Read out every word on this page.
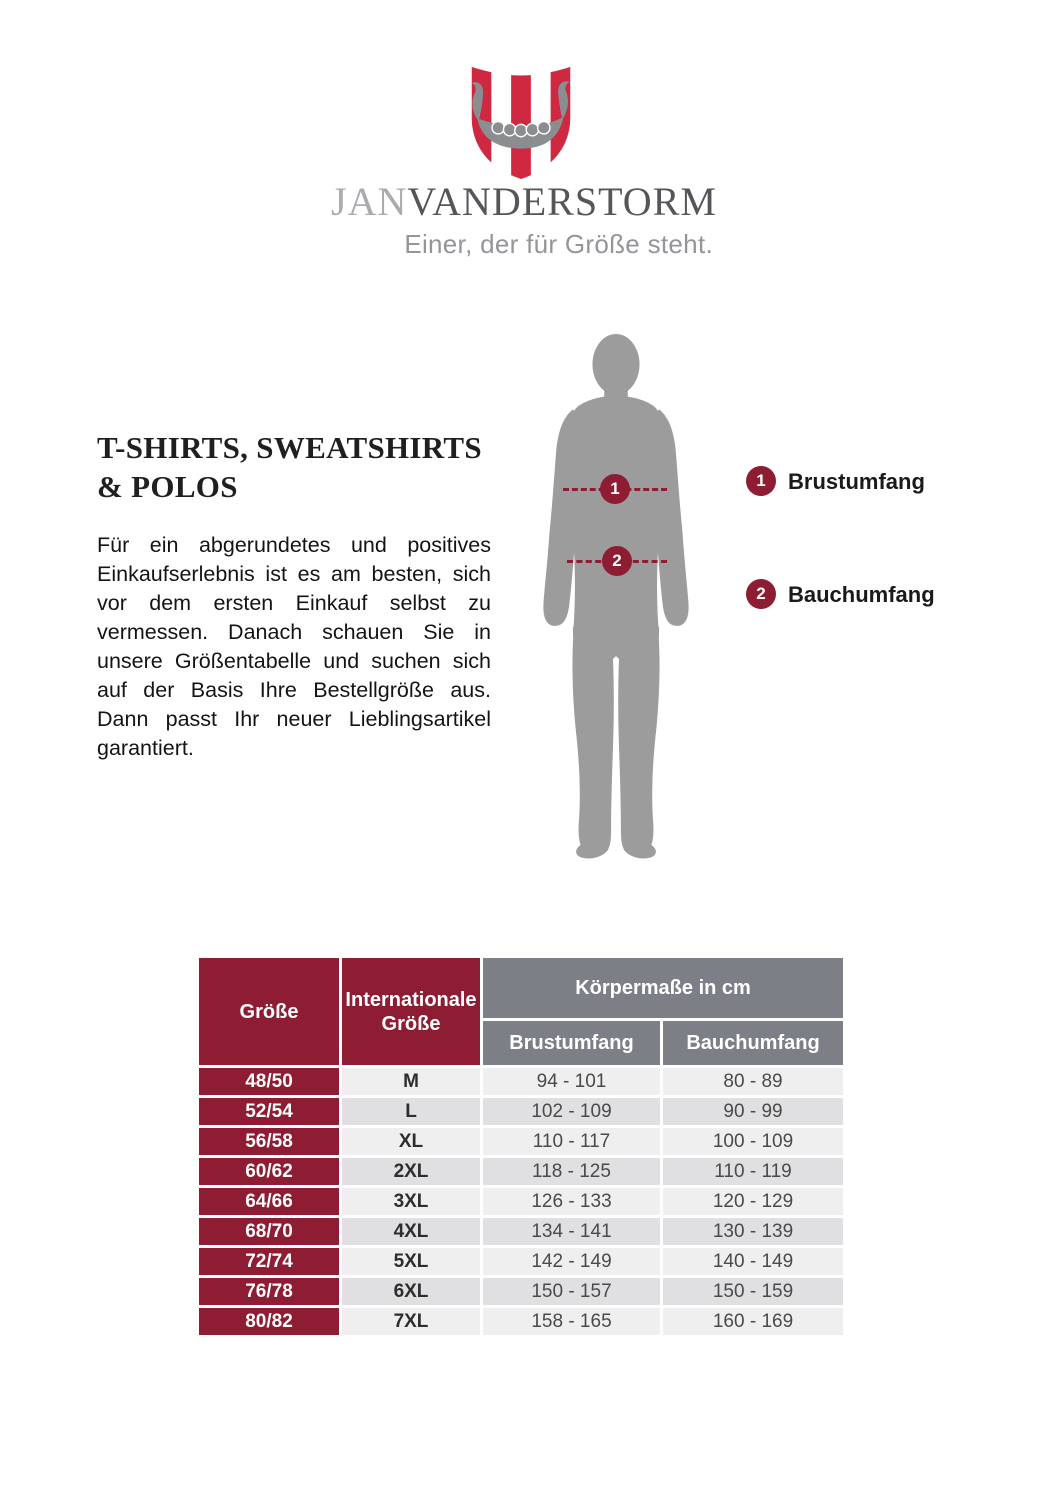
JANVANDERSTORM
Einer, der für Größe steht.
T-SHIRTS, SWEATSHIRTS
& POLOS

Für ein abgerundetes und positives Einkaufserlebnis ist es am besten, sich vor dem ersten Einkauf selbst zu vermessen. Danach schauen Sie in unsere Größentabelle und suchen sich auf der Basis Ihre Bestellgröße aus. Dann passt Ihr neuer Lieblingsartikel garantiert.

1
2
1	Brustumfang
2	Bauchumfang
Größe	Internationale Größe	Körpermaße in cm	
		Brustumfang	Bauchumfang
48/50	M	94 - 101	80 - 89
52/54	L	102 - 109	90 - 99
56/58	XL	110 - 117	100 - 109
60/62	2XL	118 - 125	110 - 119
64/66	3XL	126 - 133	120 - 129
68/70	4XL	134 - 141	130 - 139
72/74	5XL	142 - 149	140 - 149
76/78	6XL	150 - 157	150 - 159
80/82	7XL	158 - 165	160 - 169
